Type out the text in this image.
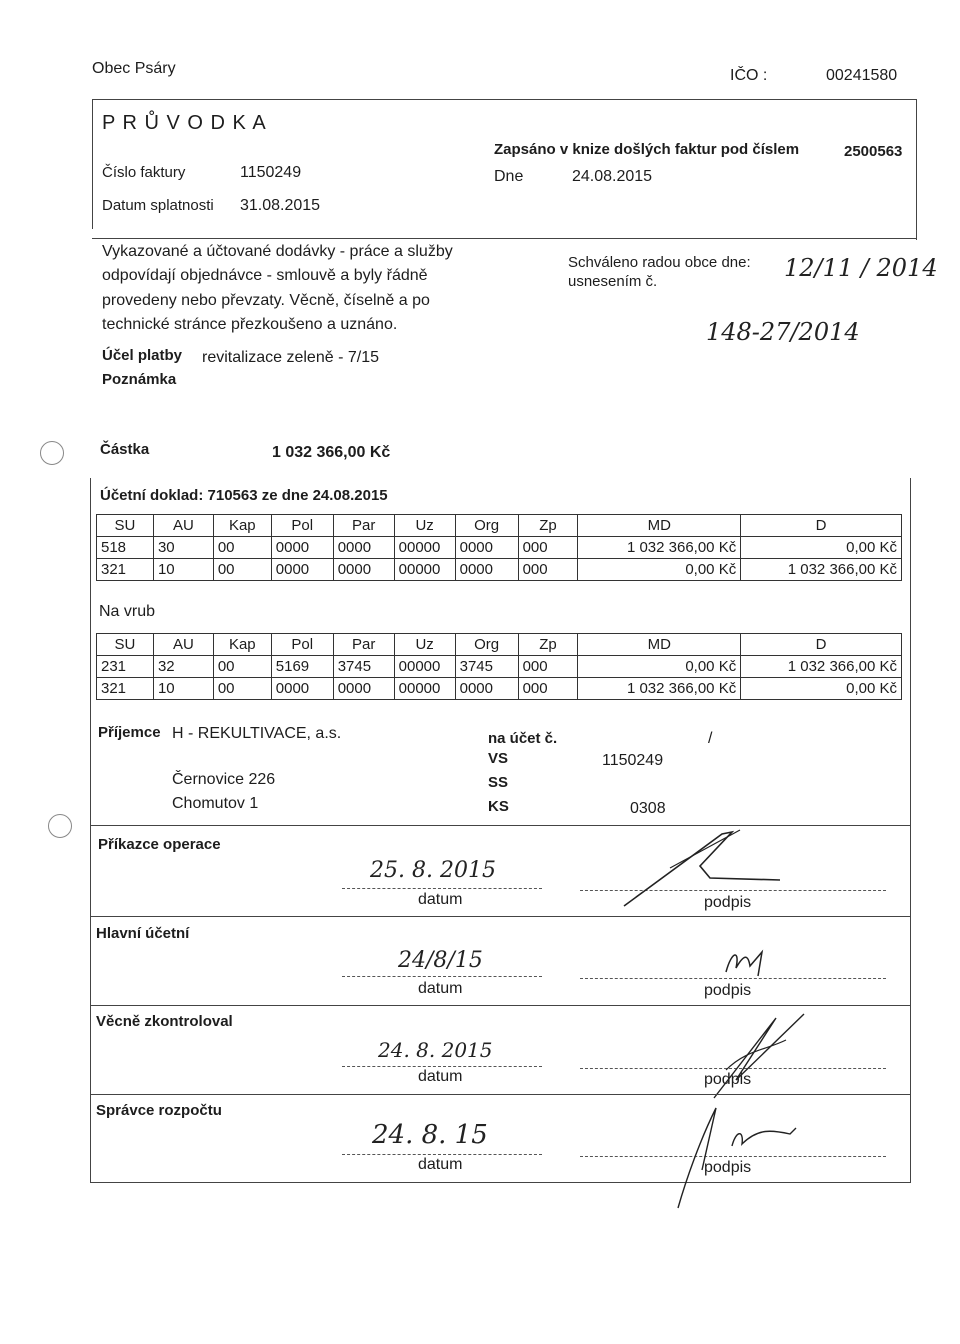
Obec Psáry	IČO :	00241580
P R Ů V O D K A
Číslo faktury	1150249
Datum splatnosti 31.08.2015
Zapsáno v knize došlých faktur pod číslem	2500563
Dne	24.08.2015
Vykazované a účtované dodávky - práce a služby
odpovídají objednávce - smlouvě a byly řádně
provedeny nebo převzaty. Věcně, číselně a po
technické stránce přezkoušeno a uznáno.
Schváleno radou obce dne:
usnesením č.	12/11 / 2014
148-27/2014
Účel platby revitalizace zeleně - 7/15
Poznámka
Částka	1 032 366,00 Kč
Účetní doklad: 710563 ze dne 24.08.2015
SU	AU	Kap	Pol	Par	Uz	Org	Zp	MD	D
518	30	00	0000	0000	00000	0000	000	1 032 366,00 Kč	0,00 Kč
321	10	00	0000	0000	00000	0000	000	0,00 Kč	1 032 366,00 Kč
Na vrub
SU	AU	Kap	Pol	Par	Uz	Org	Zp	MD	D
231	32	00	5169	3745	00000	3745	000	0,00 Kč	1 032 366,00 Kč
321	10	00	0000	0000	00000	0000	000	1 032 366,00 Kč	0,00 Kč
Příjemce H - REKULTIVACE, a.s.
Černovice 226
Chomutov 1
na účet č.	/
VS	1150249
SS
KS	0308
Příkazce operace
25. 8. 2015
datum	podpis
Hlavní účetní
24/8/15
datum	podpis
Věcně zkontroloval
24. 8. 2015
datum	podpis
Správce rozpočtu
24. 8. 15
datum	podpis
